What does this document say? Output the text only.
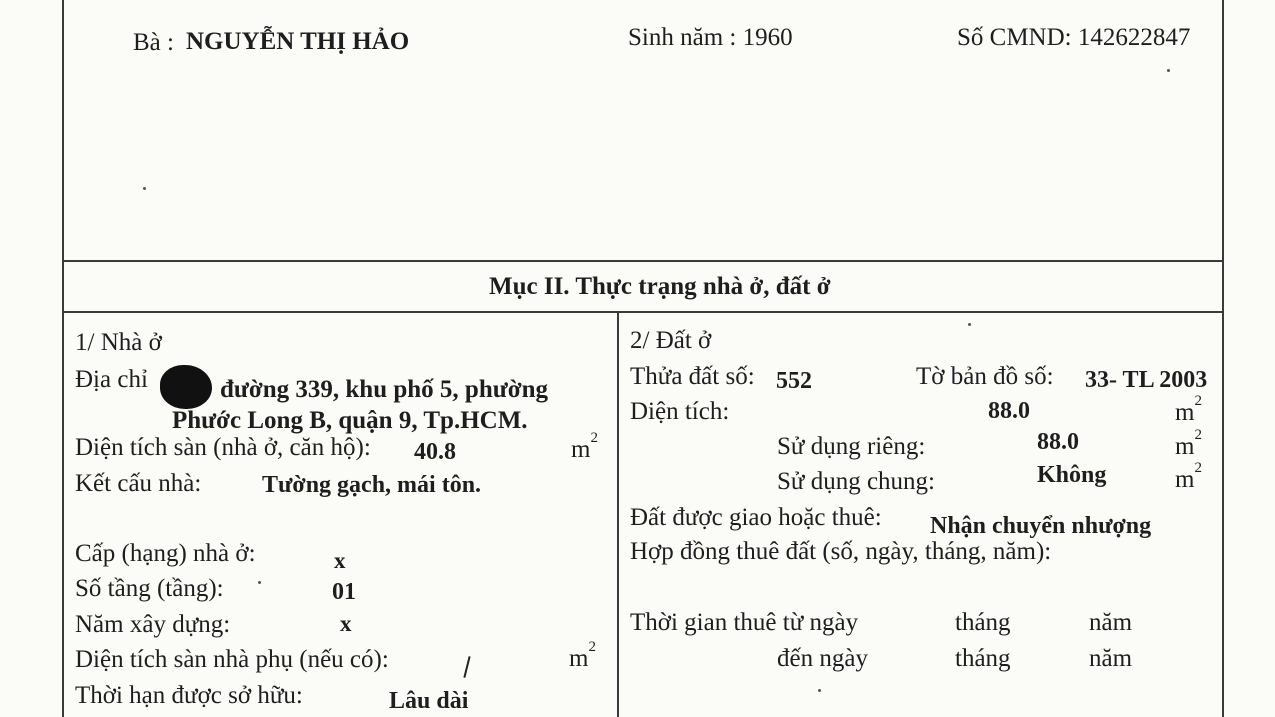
Bà : NGUYỄN THỊ HẢO	Sinh năm : 1960	Số CMND: 142622847
Mục II. Thực trạng nhà ở, đất ở
1/ Nhà ở
Địa chỉ	đường 339, khu phố 5, phường
Phước Long B, quận 9, Tp.HCM.
Diện tích sàn (nhà ở, căn hộ): 40.8	$m^2$
Kết cấu nhà:	Tường gạch, mái tôn.
Cấp (hạng) nhà ở:	x
Số tầng (tầng):	01
Năm xây dựng:	x
Diện tích sàn nhà phụ (nếu có):	$m^2$
Thời hạn được sở hữu:	Lâu dài
2/ Đất ở
Thửa đất số: 552	Tờ bản đồ số: 33- TL 2003
Diện tích:	88.0	$m^2$
Sử dụng riêng:	88.0	$m^2$
Sử dụng chung:	Không	$m^2$
Đất được giao hoặc thuê: Nhận chuyển nhượng
Hợp đồng thuê đất (số, ngày, tháng, năm):
Thời gian thuê từ ngày	tháng	năm
đến ngày	tháng	năm
